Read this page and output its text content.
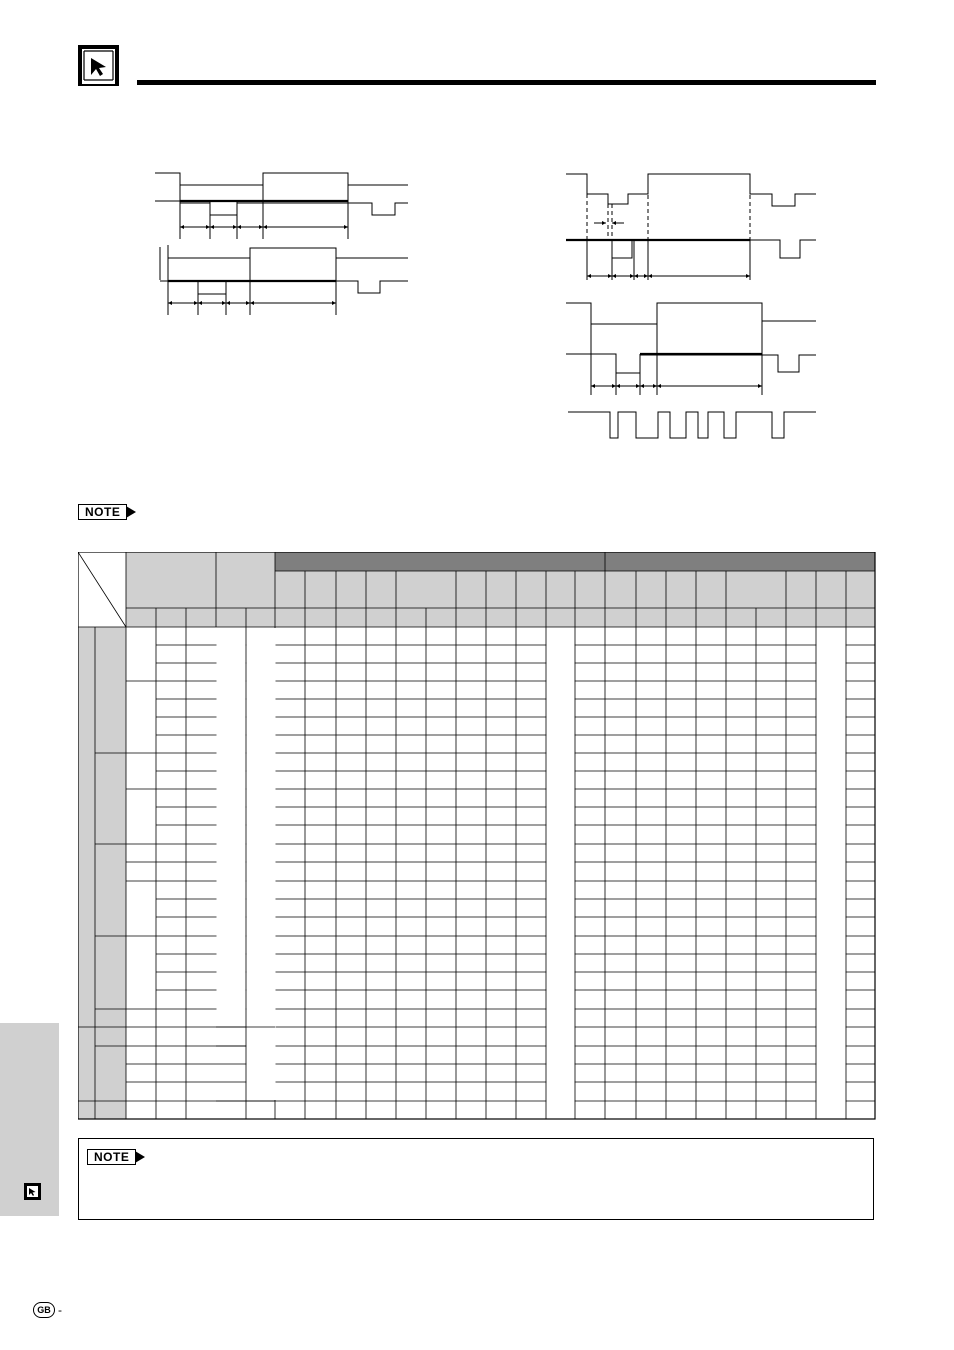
NOTE
NOTE
GB -
